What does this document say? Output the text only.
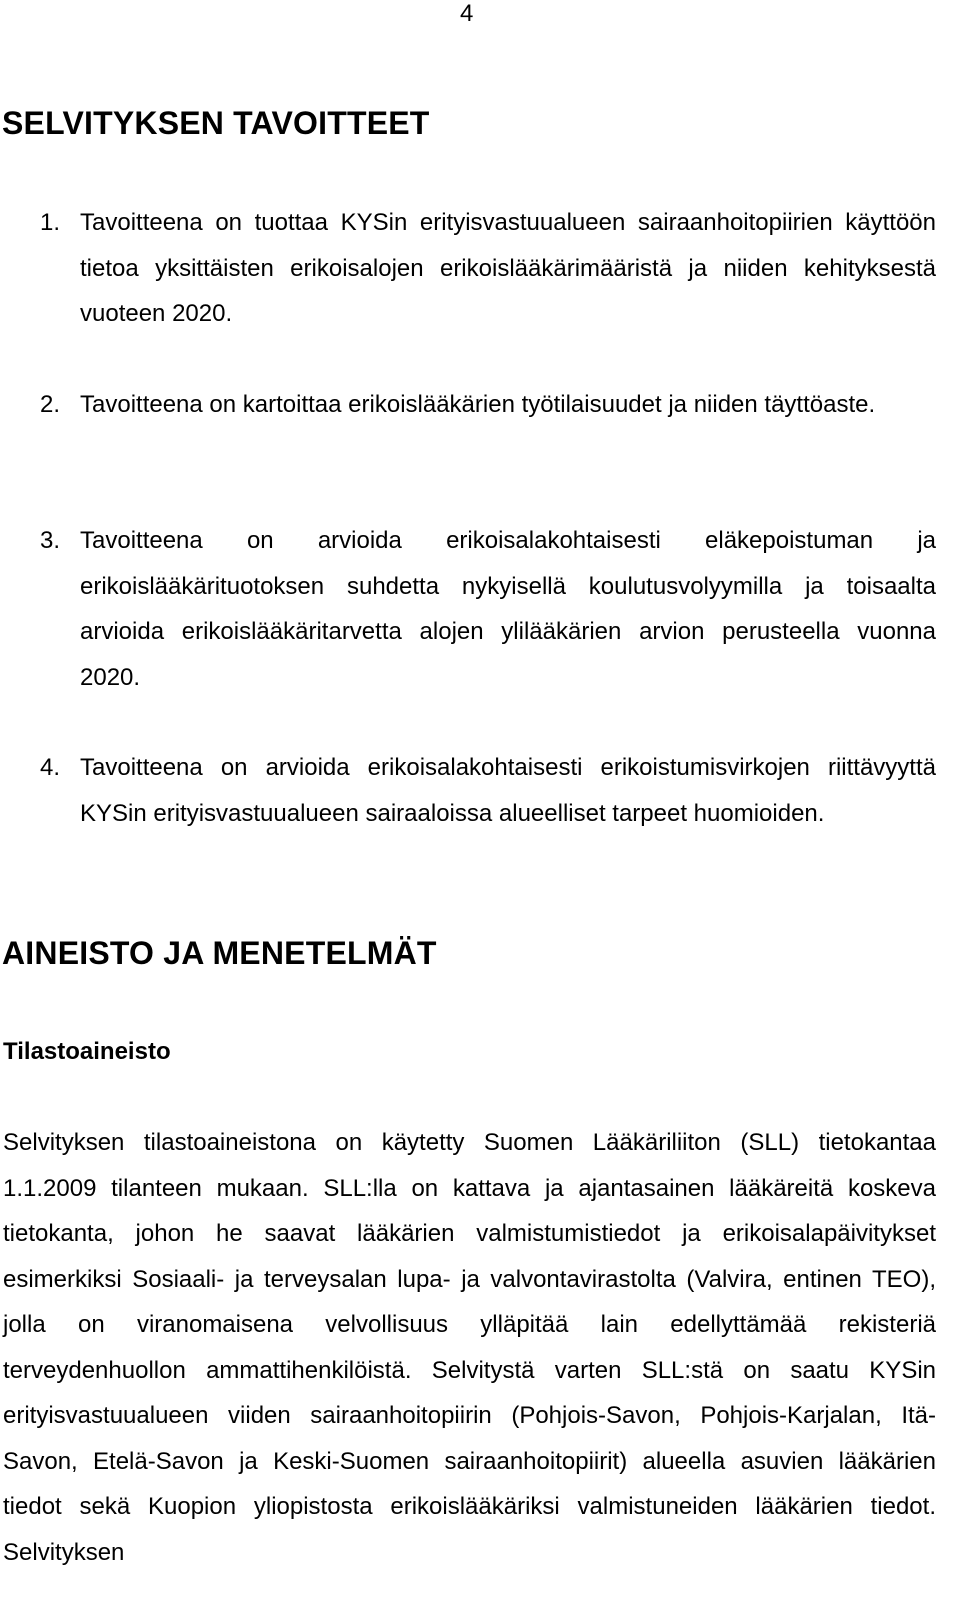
4
SELVITYKSEN TAVOITTEET
1. Tavoitteena on tuottaa KYSin erityisvastuualueen sairaanhoitopiirien käyttöön tietoa yksittäisten erikoisalojen erikoislääkärimääristä ja niiden kehityksestä vuoteen 2020.
2. Tavoitteena on kartoittaa erikoislääkärien työtilaisuudet ja niiden täyttöaste.
3. Tavoitteena on arvioida erikoisalakohtaisesti eläkepoistuman ja erikoislääkärituotoksen suhdetta nykyisellä koulutusvolyymilla ja toisaalta arvioida erikoislääkäritarvetta alojen ylilääkärien arvion perusteella vuonna 2020.
4. Tavoitteena on arvioida erikoisalakohtaisesti erikoistumisvirkojen riittävyyttä KYSin erityisvastuualueen sairaaloissa alueelliset tarpeet huomioiden.
AINEISTO JA MENETELMÄT
Tilastoaineisto

Selvityksen tilastoaineistona on käytetty Suomen Lääkäriliiton (SLL) tietokantaa 1.1.2009 tilanteen mukaan. SLL:lla on kattava ja ajantasainen lääkäreitä koskeva tietokanta, johon he saavat lääkärien valmistumistiedot ja erikoisalapäivitykset esimerkiksi Sosiaali- ja terveysalan lupa- ja valvontavirastolta (Valvira, entinen TEO), jolla on viranomaisena velvollisuus ylläpitää lain edellyttämää rekisteriä terveydenhuollon ammattihenkilöistä. Selvitystä varten SLL:stä on saatu KYSin erityisvastuualueen viiden sairaanhoitopiirin (Pohjois-Savon, Pohjois-Karjalan, Itä-Savon, Etelä-Savon ja Keski-Suomen sairaanhoitopiirit) alueella asuvien lääkärien tiedot sekä Kuopion yliopistosta erikoislääkäriksi valmistuneiden lääkärien tiedot. Selvityksen
